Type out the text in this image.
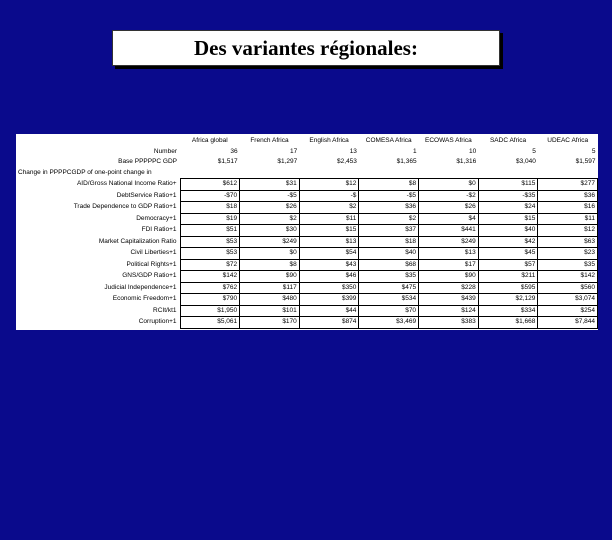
Des variantes régionales:
	Africa global	French Africa	English Africa	COMESA Africa	ECOWAS Africa	SADC Africa	UDEAC Africa
Number	36	17	13	1	10	5	5
Base PPPPPC GDP	$1,517	$1,297	$2,453	$1,365	$1,316	$3,040	$1,597
Change in PPPPCGDP of one-point change in							
AID/Gross National Income Ratio+	$612	$31	$12	$8	$0	$115	$277
DebtService Ratio+1	-$70	-$5	-$	-$5	-$2	-$35	$36
Trade Dependence to GDP Ratio+1	$18	$26	$2	$36	$26	$24	$16
Democracy+1	$19	$2	$11	$2	$4	$15	$11
FDI Ratio+1	$51	$30	$15	$37	$441	$40	$12
Market Capitalization Ratio	$53	$249	$13	$18	$249	$42	$63
Civil Liberties+1	$53	$0	$54	$40	$13	$45	$23
Political Rights+1	$72	$8	$43	$68	$17	$57	$35
GNS/GDP Ratio+1	$142	$90	$46	$35	$90	$211	$142
Judicial Independence+1	$762	$117	$350	$475	$228	$595	$560
Economic Freedom+1	$790	$480	$399	$534	$439	$2,129	$3,074
RCIt/kt1	$1,950	$101	$44	$70	$124	$334	$254
Corruption+1	$5,061	$170	$874	$3,469	$383	$1,668	$7,844
